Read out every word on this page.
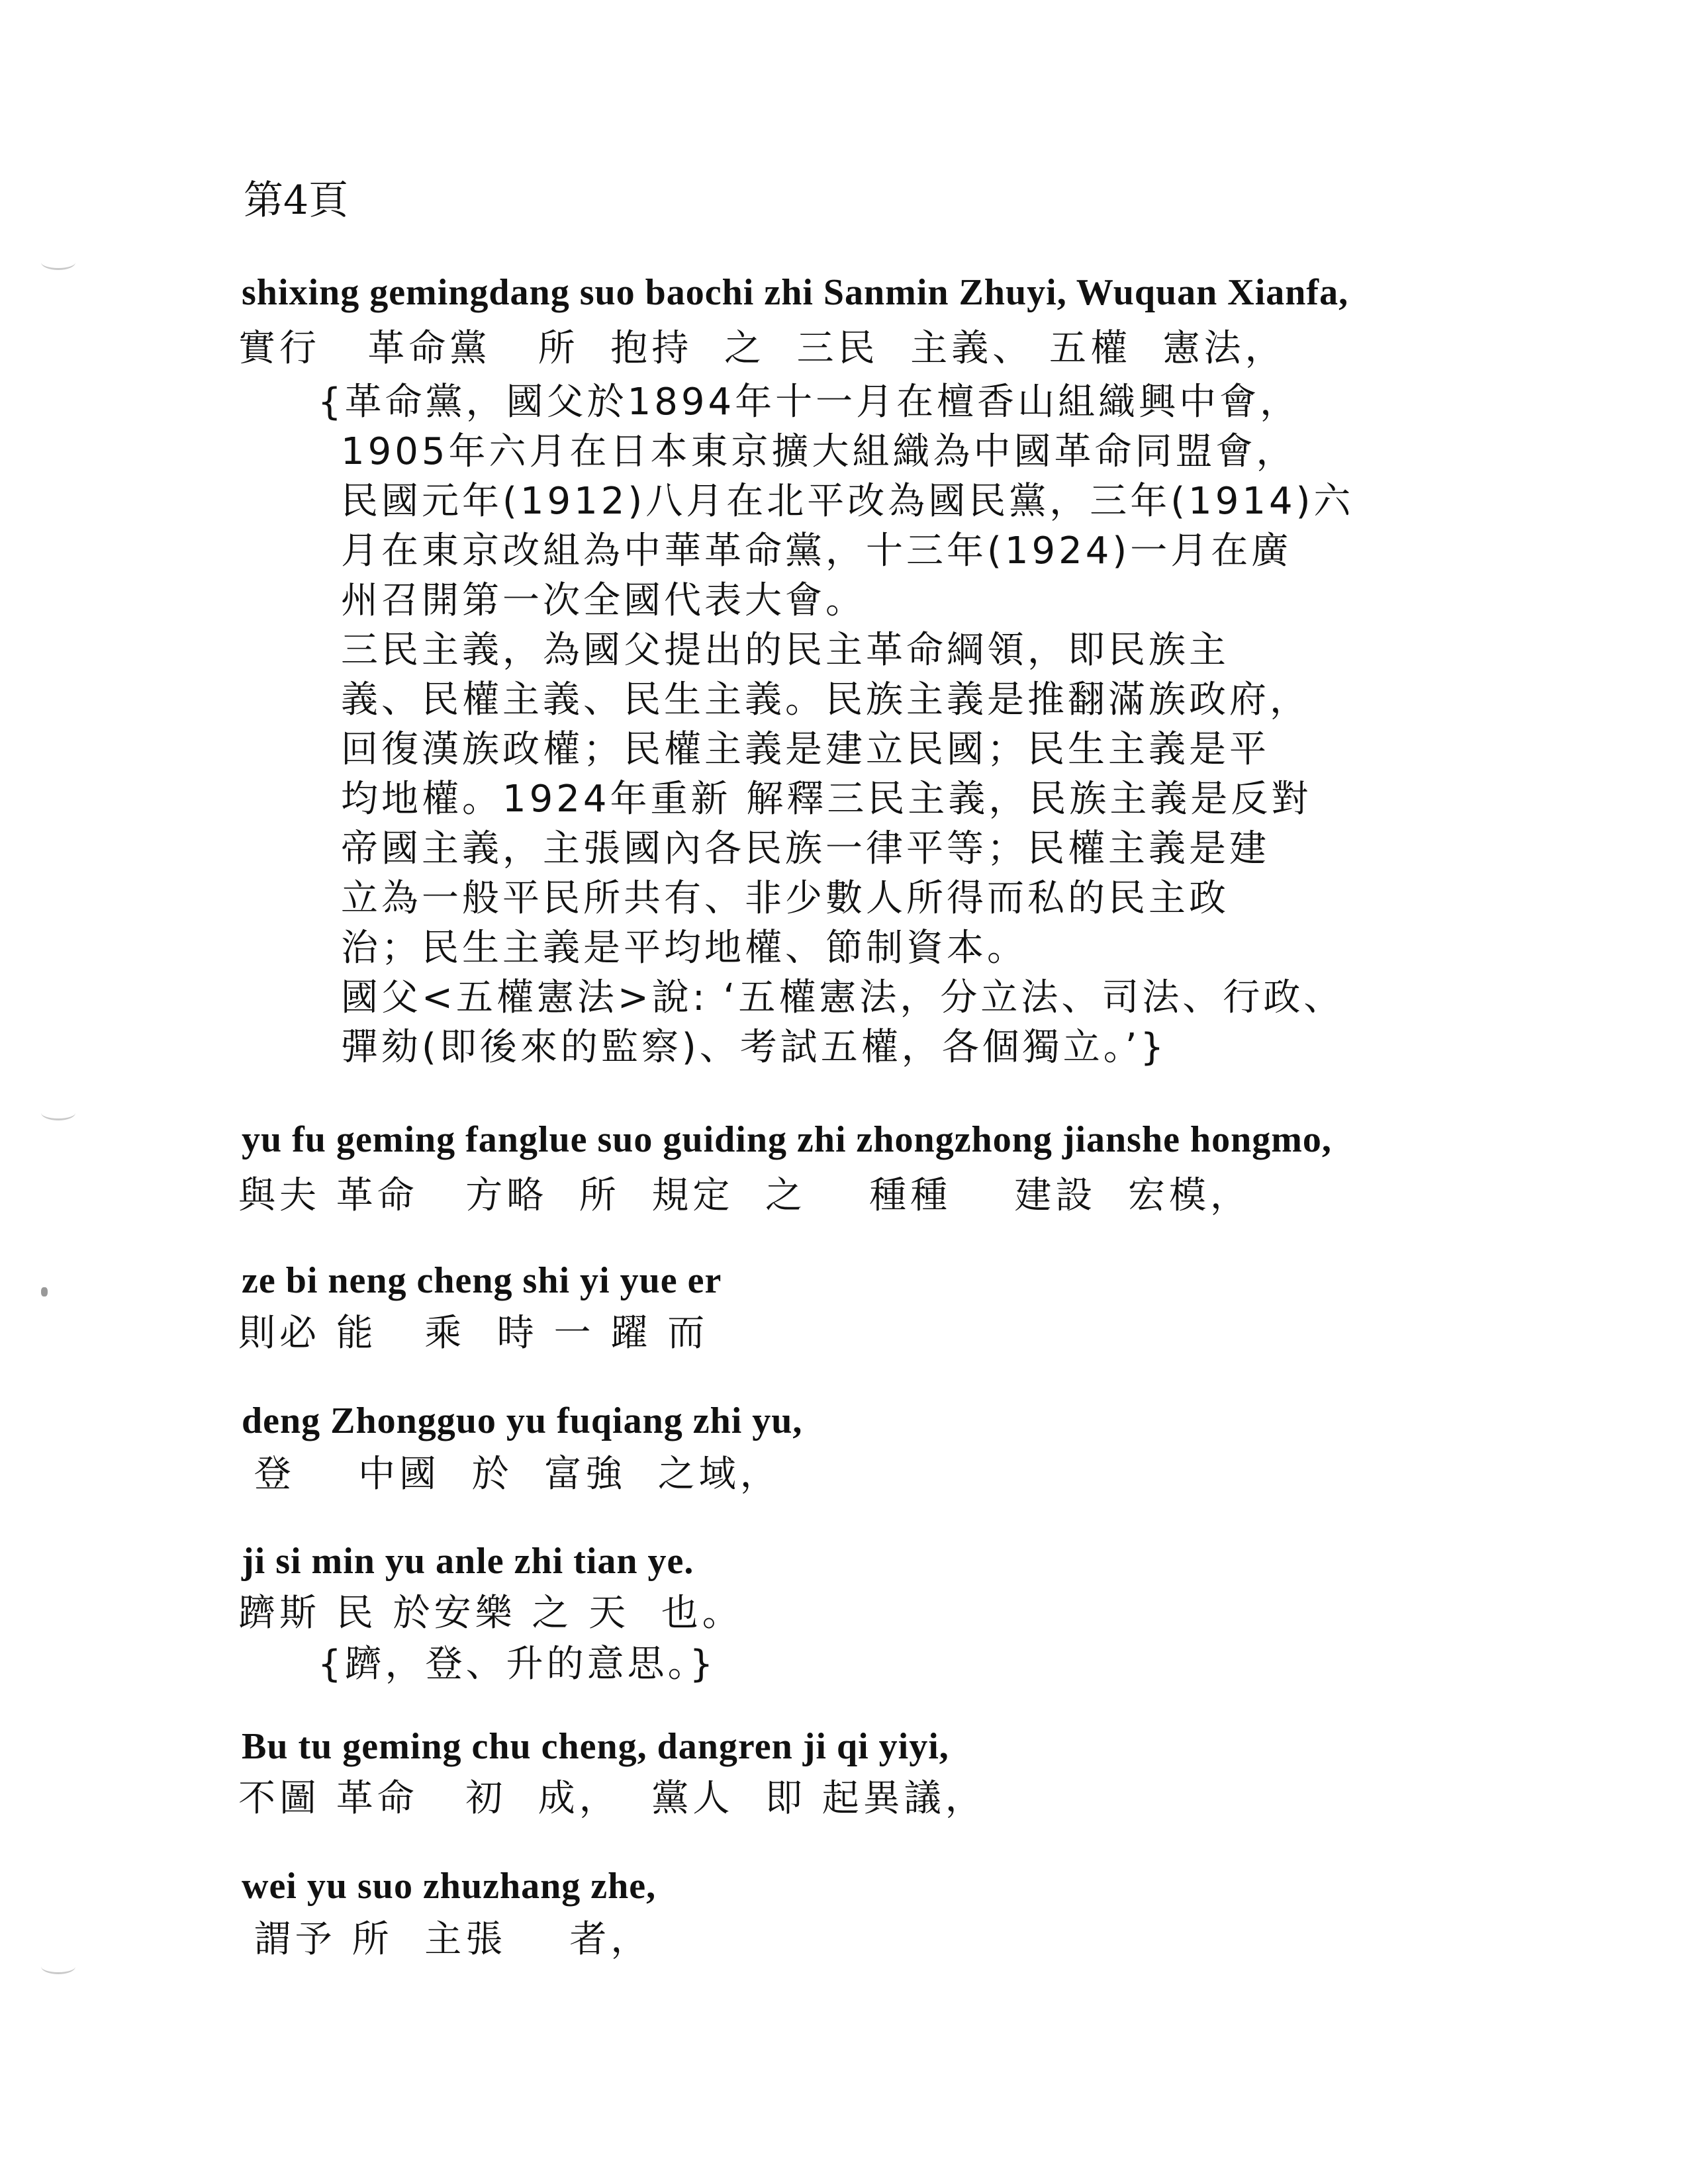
第4頁
shixing gemingdang suo baochi zhi Sanmin Zhuyi, Wuquan Xianfa,
實行   革命黨   所  抱持  之  三民  主義、 五權  憲法，
{革命黨，國父於1894年十一月在檀香山組織興中會，
1905年六月在日本東京擴大組織為中國革命同盟會，
民國元年(1912)八月在北平改為國民黨，三年(1914)六
月在東京改組為中華革命黨，十三年(1924)一月在廣
州召開第一次全國代表大會。
三民主義，為國父提出的民主革命綱領，即民族主
義、民權主義、民生主義。民族主義是推翻滿族政府，
回復漢族政權；民權主義是建立民國；民生主義是平
均地權。1924年重新 解釋三民主義，民族主義是反對
帝國主義，主張國內各民族一律平等；民權主義是建
立為一般平民所共有、非少數人所得而私的民主政
治；民生主義是平均地權、節制資本。
國父<五權憲法>說: ‘五權憲法，分立法、司法、行政、
彈劾(即後來的監察)、考試五權，各個獨立。’}
yu fu geming fanglue suo guiding zhi zhongzhong jianshe hongmo,
與夫 革命   方略  所  規定  之    種種    建設  宏模，
ze bi neng cheng shi yi yue er
則必 能   乘  時 一 躍 而
deng Zhongguo yu fuqiang zhi yu,
登    中國  於  富強  之域，
ji si min yu anle zhi tian ye.
躋斯 民 於安樂 之 天  也。
{躋，登、升的意思。}
Bu tu geming chu cheng, dangren ji qi yiyi,
不圖 革命   初  成，  黨人  即 起異議，
wei yu suo zhuzhang zhe,
謂予 所  主張    者，
